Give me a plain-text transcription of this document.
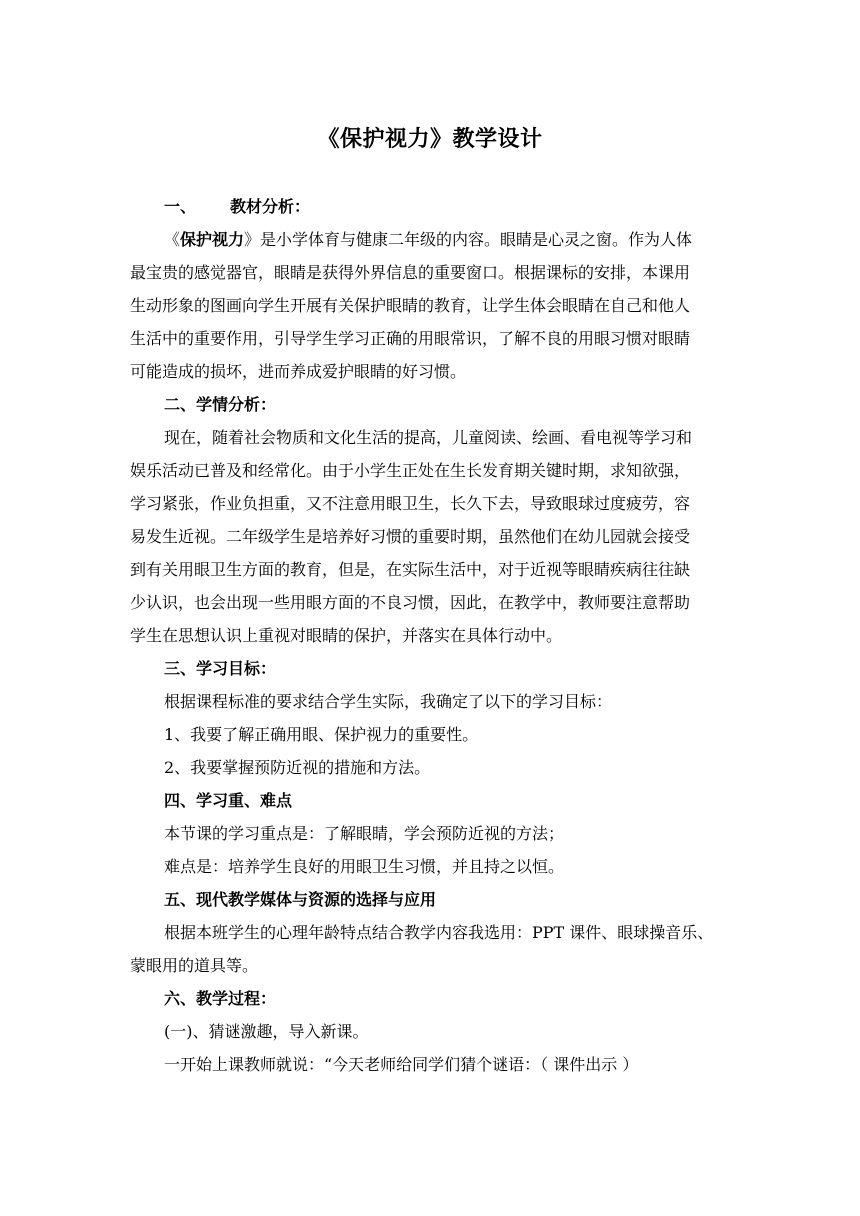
《保护视力》教学设计
一、 教材分析：
《保护视力》是小学体育与健康二年级的内容。眼睛是心灵之窗。作为人体
最宝贵的感觉器官，眼睛是获得外界信息的重要窗口。根据课标的安排，本课用
生动形象的图画向学生开展有关保护眼睛的教育，让学生体会眼睛在自己和他人
生活中的重要作用，引导学生学习正确的用眼常识，了解不良的用眼习惯对眼睛
可能造成的损坏，进而养成爱护眼睛的好习惯。
二、学情分析：
现在，随着社会物质和文化生活的提高，儿童阅读、绘画、看电视等学习和
娱乐活动已普及和经常化。由于小学生正处在生长发育期关键时期，求知欲强，
学习紧张，作业负担重，又不注意用眼卫生，长久下去，导致眼球过度疲劳，容
易发生近视。二年级学生是培养好习惯的重要时期，虽然他们在幼儿园就会接受
到有关用眼卫生方面的教育，但是，在实际生活中，对于近视等眼睛疾病往往缺
少认识，也会出现一些用眼方面的不良习惯，因此，在教学中，教师要注意帮助
学生在思想认识上重视对眼睛的保护，并落实在具体行动中。
三、学习目标：
根据课程标准的要求结合学生实际，我确定了以下的学习目标：
1、我要了解正确用眼、保护视力的重要性。
2、我要掌握预防近视的措施和方法。
四、学习重、难点
本节课的学习重点是：了解眼睛，学会预防近视的方法；
难点是：培养学生良好的用眼卫生习惯，并且持之以恒。
五、现代教学媒体与资源的选择与应用
根据本班学生的心理年龄特点结合教学内容我选用：PPT 课件、眼球操音乐、
蒙眼用的道具等。
六、教学过程：
(一)、猜谜激趣，导入新课。
一开始上课教师就说：“今天老师给同学们猜个谜语：（ 课件出示 ）
